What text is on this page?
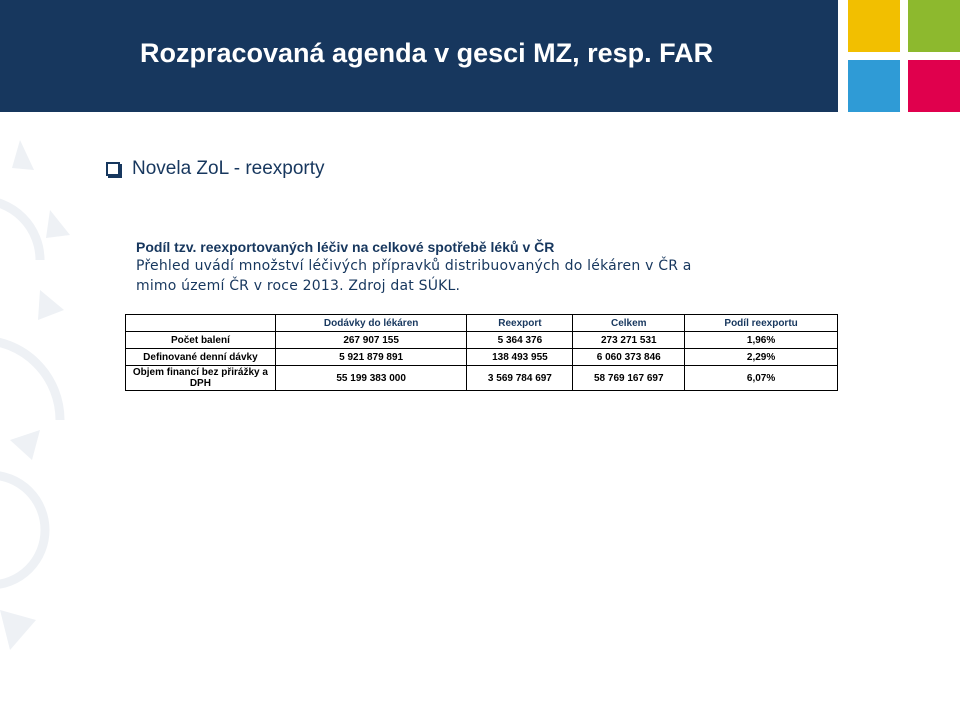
Rozpracovaná agenda v gesci MZ, resp. FAR
Novela ZoL - reexporty
Podíl tzv. reexportovaných léčiv na celkové spotřebě léků v ČR
Přehled uvádí množství léčivých přípravků distribuovaných do lékáren v ČR a mimo území ČR v roce 2013. Zdroj dat SÚKL.
	Dodávky do lékáren	Reexport	Celkem	Podíl reexportu
Počet balení	267 907 155	5 364 376	273 271 531	1,96%
Definované denní dávky	5 921 879 891	138 493 955	6 060 373 846	2,29%
Objem financí bez přirážky a DPH	55 199 383 000	3 569 784 697	58 769 167 697	6,07%
